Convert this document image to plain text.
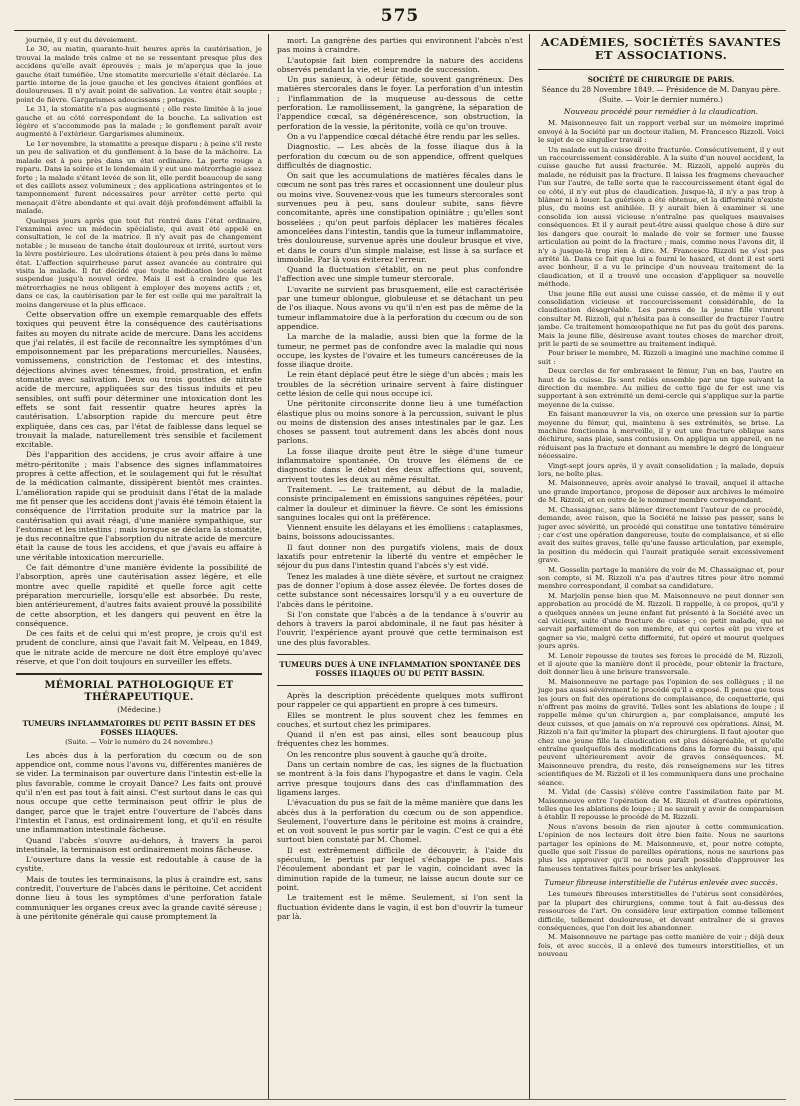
575

journée, il y eut du dévoiement.

Le 30, au matin, quarante-huit heures après la cautérisation, je trouvai la malade très calme et ne se ressentant presque plus des accidens qu'elle avait éprouvés ; mais je m'aperçus que la joue gauche était tuméfiée. Une stomatite mercurielle s'était déclarée. La partie interne de la joue gauche et les gencives étaient gonflées et douloureuses. Il n'y avait point de salivation. Le ventre était souple ; point de fièvre. Gargarismes adoucissans ; potages.

Le 31, la stomatite n'a pas augmenté ; elle reste limitée à la joue gauche et au côté correspondant de la bouche. La salivation est légère et s'accommode pas la malade ; le gonflement paraît avoir augmenté à l'extérieur. Gargarismes alumineux.

Le 1er novembre, la stomatite a presque disparu ; à peine s'il reste un peu de salivation et du gonflement à la base de la mâchoire. La malade est à peu près dans un état ordinaire. La perte rouge a reparu. Dans la soirée et le lendemain il y eut une métrorrhagie assez forte ; la malade s'étant levée de son lit, elle perdit beaucoup de sang et des caillots assez volumineux ; des applications astringentes et le tamponnement furent nécessaires pour arrêter cette perte qui menaçait d'être abondante et qui avait déjà profondément affaibli la malade.

Quelques jours après que tout fut rentré dans l'état ordinaire, l'examinai avec un médecin spécialiste, qui avait été appelé en consultation, le col de la matrice. Il n'y avait pas de changement notable ; le museau de tanche était douloureux et irrité, surtout vers la lèvre postérieure. Les ulcérations étaient à peu près dans le même état. L'affection squirrheuse parut assez avancée au contraire qui visita la malade. Il fut décidé que toute médication locale serait suspendue jusqu'à nouvel ordre. Mais il est à craindre que les métrorrhagies ne nous obligent à employer des moyens actifs ; et, dans ce cas, la cautérisation par le fer est celle qui me paraîtrait la moins dangereuse et la plus efficace.

Cette observation offre un exemple remarquable des effets toxiques qui peuvent être la conséquence des cautérisations faites au moyen du nitrate acide de mercure. Dans les accidens que j'ai relatés, il est facile de reconnaître les symptômes d'un empoisonnement par les préparations mercurielles. Nausées, vomissemens, constriction de l'estomac et des intestins, déjections alvines avec ténesmes, froid, prostration, et enfin stomatite avec salivation. Deux ou trois gouttes de nitrate acide de mercure, appliquées sur des tissus induits et peu sensibles, ont suffi pour déterminer une intoxication dont les effets se sont fait ressentir quatre heures après la cautérisation. L'absorption rapide du mercure peut être expliquée, dans ces cas, par l'état de faiblesse dans lequel se trouvait la malade, naturellement très sensible et facilement excitable.

Dès l'apparition des accidens, je crus avoir affaire à une métro-péritonite ; mais l'absence des signes inflammatoires propres à cette affection, et le soulagement qui fut le résultat de la médication calmante, dissipèrent bientôt mes craintes. L'amélioration rapide qui se produisit dans l'état de la malade me fit penser que les accidens dont j'avais été témoin étaient la conséquence de l'irritation produite sur la matrice par la cautérisation qui avait réagi, d'une manière sympathique, sur l'estomac et les intestins ; mais lorsque se déclara la stomatite, je dus reconnaître que l'absorption du nitrate acide de mercure était la cause de tous les accidens, et que j'avais eu affaire à une véritable intoxication mercurielle.

Ce fait démontre d'une manière évidente la possibilité de l'absorption, après une cautérisation assez légère, et elle montre avec quelle rapidité et quelle force agit cette préparation mercurielle, lorsqu'elle est absorbée. Du reste, bien antérieurement, d'autres faits avaient prouvé la possibilité de cette absorption, et les dangers qui peuvent en être la conséquence.

De ces faits et de celui qui m'est propre, je crois qu'il est prudent de conclure, ainsi que l'avait fait M. Velpeau, en 1849, que le nitrate acide de mercure ne doit être employé qu'avec réserve, et que l'on doit toujours en surveiller les effets.

MÉMORIAL PATHOLOGIQUE ET THÉRAPEUTIQUE.
(Médecine.)
TUMEURS INFLAMMATOIRES DU PETIT BASSIN ET DES FOSSES ILIAQUES.
(Suite. — Voir le numéro du 24 novembre.)

Les abcès dus à la perforation du cœcum ou de son appendice ont, comme nous l'avons vu, différentes manières de se vider. La terminaison par ouverture dans l'intestin est-elle la plus favorable, comme le croyait Dance? Les faits ont prouvé qu'il n'en est pas tout à fait ainsi. C'est surtout dans le cas qui nous occupe que cette terminaison peut offrir le plus de danger, parce que le trajet entre l'ouverture de l'abcès dans l'intestin et l'anus, est ordinairement long, et qu'il en résulte une inflammation intestinale fâcheuse.

Quand l'abcès s'ouvre au-dehors, à travers la paroi intestinale, la terminaison est ordinairement moins fâcheuse.

L'ouverture dans la vessie est redoutable à cause de la cystite.

Mais de toutes les terminaisons, la plus à craindre est, sans contredit, l'ouverture de l'abcès dans le péritoine. Cet accident donne lieu à tous les symptômes d'une perforation fatale communiquer les organes creux avec la grande cavité séreuse ; à une péritonite générale qui cause promptement la

mort. La gangrène des parties qui environnent l'abcès n'est pas moins à craindre.

L'autopsie fait bien comprendre la nature des accidens observés pendant la vie, et leur mode de succession.

Un pus sanieux, à odeur fétide, souvent gangréneux. Des matières stercorales dans le foyer. La perforation d'un intestin ; l'inflammation de la muqueuse au-dessous de cette perforation. Le ramollissement, la gangrène, la séparation de l'appendice cœcal, sa dégénérescence, son obstruction, la perforation de la vessie, la péritonite, voilà ce qu'on trouve.

On a vu l'appendice cœcal détaché être rendu par les selles.

Diagnostic. — Les abcès de la fosse iliaque dus à la perforation du cœcum ou de son appendice, offrent quelques difficultés de diagnostic.

On sait que les accumulations de matières fécales dans le cœcum ne sont pas très rares et occasionnent une douleur plus ou moins vive. Souvenez-vous que les tumeurs stercorales sont survenues peu à peu, sans douleur subite, sans fièvre concomitante, après une constipation opiniâtre ; qu'elles sont bosselées ; qu'on peut parfois déplacer les matières fécales amoncelées dans l'intestin, tandis que la tumeur inflammatoire, très douloureuse, survenue après une douleur brusque et vive, et dans le cours d'un simple malaise, est lisse à sa surface et immobile. Par là vous éviterez l'erreur.

Quand la fluctuation s'établit, on ne peut plus confondre l'affection avec une simple tumeur stercorale.

L'ovarite ne survient pas brusquement, elle est caractérisée par une tumeur oblongue, globuleuse et se détachant un peu de l'os iliaque. Nous avons vu qu'il n'en est pas de même de la tumeur inflammatoire due à la perforation du cœcum ou de son appendice.

La marche de la maladie, aussi bien que la forme de la tumeur, ne permet pas de confondre avec la maladie qui nous occupe, les kystes de l'ovaire et les tumeurs cancéreuses de la fosse iliaque droite.

Le rein étant déplacé peut être le siège d'un abcès ; mais les troubles de la sécrétion urinaire servent à faire distinguer cette lésion de celle qui nous occupe ici.

Une péritonite circonscrite donne lieu à une tuméfaction élastique plus ou moins sonore à la percussion, suivant le plus ou moins de distension des anses intestinales par le gaz. Les choses se passent tout autrement dans les abcès dont nous parlons.

La fosse iliaque droite peut être le siège d'une tumeur inflammatoire spontanée. On trouve les élémens de ce diagnostic dans le début des deux affections qui, souvent, arrivent toutes les deux au même résultat.

Traitement. — Le traitement, au début de la maladie, consiste principalement en émissions sanguines répétées, pour calmer la douleur et diminuer la fièvre. Ce sont les émissions sanguines locales qui ont la préférence.

Viennent ensuite les délayans et les émolliens : cataplasmes, bains, boissons adoucissantes.

Il faut donner non des purgatifs violens, mais de doux laxatifs pour entretenir la liberté du ventre et empêcher le séjour du pus dans l'intestin quand l'abcès s'y est vidé.

Tenez les malades à une diète sévère, et surtout ne craignez pas de donner l'opium à dose assez élevée. De fortes doses de cette substance sont nécessaires lorsqu'il y a eu ouverture de l'abcès dans le péritoine.

Si l'on constate que l'abcès a de la tendance à s'ouvrir au dehors à travers la paroi abdominale, il ne faut pas hésiter à l'ouvrir, l'expérience ayant prouvé que cette terminaison est une des plus favorables.

TUMEURS DUES À UNE INFLAMMATION SPONTANÉE DES FOSSES ILIAQUES OU DU PETIT BASSIN.

Après la description précédente quelques mots suffiront pour rappeler ce qui appartient en propre à ces tumeurs.

Elles se montrent le plus souvent chez les femmes en couches, et surtout chez les primipares.

Quand il n'en est pas ainsi, elles sont beaucoup plus fréquentes chez les hommes.

On les rencontre plus souvent à gauche qu'à droite.

Dans un certain nombre de cas, les signes de la fluctuation se montrent à la fois dans l'hypogastre et dans le vagin. Cela arrive presque toujours dans des cas d'inflammation des ligamens larges.

L'évacuation du pus se fait de la même manière que dans les abcès dus à la perforation du cœcum ou de son appendice. Seulement, l'ouverture dans le péritoine est moins à craindre, et on voit souvent le pus sortir par le vagin. C'est ce qui a été surtout bien constaté par M. Chomel.

Il est extrêmement difficile de découvrir, à l'aide du spéculum, le pertuis par lequel s'échappe le pus. Mais l'écoulement abondant et par le vagin, coïncidant avec la diminution rapide de la tumeur, ne laisse aucun doute sur ce point.

Le traitement est le même. Seulement, si l'on sent la fluctuation évidente dans le vagin, il est bon d'ouvrir la tumeur par là.

ACADÉMIES, SOCIÉTÉS SAVANTES ET ASSOCIATIONS.
SOCIÉTÉ DE CHIRURGIE DE PARIS.
Séance du 28 Novembre 1849. — Présidence de M. Danyau père.
(Suite. — Voir le dernier numéro.)
Nouveau procédé pour remédier à la claudication.

M. Maisonneuve fait un rapport verbal sur un mémoire imprimé envoyé à la Société par un docteur italien, M. Francesco Rizzoli. Voici le sujet de ce singulier travail :

Un malade eut la cuisse droite fracturée. Consécutivement, il y eut un raccourcissement considérable. À la suite d'un nouvel accident, la cuisse gauche fut aussi fracturée. M. Rizzoli, appelé auprès du malade, ne réduisit pas la fracture. Il laissa les fragmens chevaucher l'un sur l'autre, de telle sorte que le raccourcissement étant égal de ce côté, il n'y eut plus de claudication. Jusque-là, il n'y a pas trop à blâmer ni à louer. La guérison a été obtenue, et la difformité n'existe plus, du moins est anihilée. Il y aurait bien à examiner si une consolida ion aussi vicieuse n'entraîne pas quelques mauvaises conséquences. Et il y aurait peut-être aussi quelque chose à dire sur les dangers que courait le malade de voir se former une fausse articulation au point de la fracture ; mais, comme nous l'avons dit, il n'y a jusque-là trop rien à dire. M. Francesco Rizzoli ne s'est pas arrêté là. Dans ce fait que lui a fourni le hasard, et dont il est sorti avec bonheur, il a vu le principe d'un nouveau traitement de la claudication, et il a trouvé une occasion d'appliquer sa nouvelle méthode.

Une jeune fille eut aussi une cuisse cassée, et de même il y eut consolidation vicieuse et raccourcissement considérable, de la claudication désagréable. Les parens de la jeune fille vinrent consulter M. Rizzoli, qui n'hésita pas à conseiller de fracturer l'autre jambe. Ce traitement homœopathique ne fut pas du goût des parens. Mais la jeune fille, désireuse avant toutes choses de marcher droit, prit le parti de se soumettre au traitement indiqué.

Pour briser le membre, M. Rizzoli a imaginé une machine comme il suit :

Deux cercles de fer embrassent le fémur, l'un en bas, l'autre en haut de la cuisse. Ils sont reliés ensemble par une tige suivant la direction du membre. Au milieu de cette tige de fer est une vis supportant à son extrémité un demi-cercle qui s'applique sur la partie moyenne de la cuisse.

En faisant manœuvrer la vis, on exerce une pression sur la partie moyenne du fémur, qui, maintenu à ses extrémités, se brise. La machine fonctionna à merveille, il y eut une fracture oblique sans déchirure, sans plaie, sans contusion. On appliqua un appareil, en ne réduisant pas la fracture et donnant au membre le degré de longueur nécessaire.

Vingt-sept jours après, il y avait consolidation ; la malade, depuis lors, ne boîte plus.

M. Maisonneuve, après avoir analysé le travail, anquel il attache une grande importance, propose de déposer aux archives le mémoire de M. Rizzoli, et en outre de le nommer membre correspondant.

M. Chassaignac, sans blâmer directement l'auteur de ce procédé, demande, avec raison, que la Société ne laisse pas passer, sans le juger avec sévérité, un procédé qui constitue une tentative téméraire ; car c'est une opération dangereuse, toute de complaisance, et si elle avait des suites graves, telle qu'une fausse articulation, par exemple, la position du médecin qui l'aurait pratiquée serait excessivement grave.

M. Gosselin partage la manière de voir de M. Chassaignac et, pour son compte, si M. Rizzoli n'a pas d'autres titres pour être nommé membre correspondant, il combat sa candidature.

M. Marjolin pense bien que M. Maisonneuve ne peut donner son approbation au procédé de M. Rizzoli. Il rappelle, à ce propos, qu'il y a quelques années un jeune enfant fut présenté à la Société avec un cal vicieux, suite d'une fracture de cuisse ; ce petit malade, qui ne servait parfaitement de son membre, et qui certes eût pu vivre et gagner sa vie, malgré cette difformité, fut opéré et mourut quelques jours après.

M. Lenoir repousse de toutes ses forces le procédé de M. Rizzoli, et il ajoute que la manière dont il procède, pour obtenir la fracture, doit donner lieu à une brisure transversale.

M. Maisonneuve ne partage pas l'opinion de ses collègues ; il ne juge pas aussi sévèrement le procédé qu'il a exposé. Il pense que tous les jours on fait des opérations de complaisance, de coquetterie, qui n'offrent pas moins de gravité. Telles sont les ablations de loupe ; il rappelle même qu'un chirurgien a, par complaisance, amputé les deux cuisses, et que jamais on n'a reprouvé ces opérations. Ainsi, M. Rizzoli n'a fait qu'imiter la plupart des chirurgiens. Il faut ajouter que chez une jeune fille la claudication est plus désagréable, et qu'elle entraîne quelquefois des modifications dans la forme du bassin, qui peuvent ultérieurement avoir de graves conséquences. M. Maisonneuve prendra, du reste, des renseignemens sur les titres scientifiques de M. Rizzoli et il les communiquera dans une prochaine séance.

M. Vidal (de Cassis) s'élève contre l'assimilation faite par M. Maisonneuve entre l'opération de M. Rizzoli et d'autres opérations, telles que les ablations de loupe ; il ne saurait y avoir de comparaison à établir. Il repousse le procédé de M. Rizzoli.

Nous n'avons besoin de rien ajouter à cette communication. L'opinion de nos lecteurs doit être bien faite. Nous ne saurions partager les opinions de M. Maisonneuve, et, pour notre compte, quelle que soit l'issue de pareilles opérations, nous ne saurions pas plus les approuver qu'il ne nous paraît possible d'approuver les fameuses tentatives faites pour briser les ankyloses.

Tumeur fibreuse interstitielle de l'utérus enlevée avec succès.

Les tumeurs fibreuses interstitielles de l'utérus sont considérées, par la plupart des chirurgiens, comme tout à fait au-dessus des ressources de l'art. On considère leur extirpation comme tellement difficile, tellement douloureuse, et devant entraîner de si graves conséquences, que l'on doit les abandonner.

M. Maisonneuve ne partage pas cette manière de voir ; déjà deux fois, et avec succès, il a enlevé des tumeurs interstitielles, et un nouveau
